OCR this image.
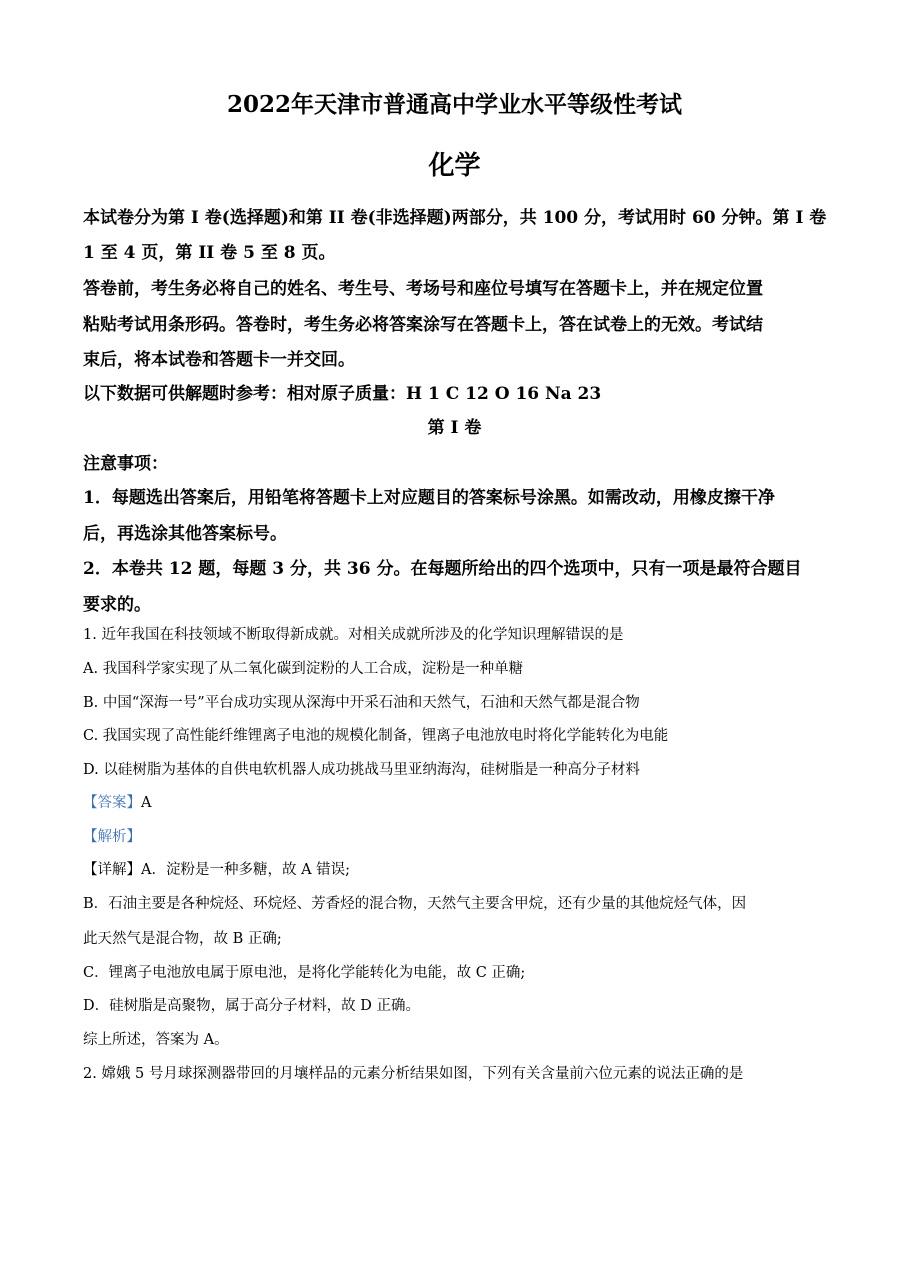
2022年天津市普通高中学业水平等级性考试
化学
本试卷分为第 I 卷(选择题)和第 II 卷(非选择题)两部分，共 100 分，考试用时 60 分钟。第 I 卷
1 至 4 页，第 II 卷 5 至 8 页。
答卷前，考生务必将自己的姓名、考生号、考场号和座位号填写在答题卡上，并在规定位置
粘贴考试用条形码。答卷时，考生务必将答案涂写在答题卡上，答在试卷上的无效。考试结
束后，将本试卷和答题卡一并交回。
以下数据可供解题时参考：相对原子质量：H 1 C 12 O 16 Na 23
第 I 卷
注意事项：
1．每题选出答案后，用铅笔将答题卡上对应题目的答案标号涂黑。如需改动，用橡皮擦干净
后，再选涂其他答案标号。
2．本卷共 12 题，每题 3 分，共 36 分。在每题所给出的四个选项中，只有一项是最符合题目
要求的。
1. 近年我国在科技领域不断取得新成就。对相关成就所涉及的化学知识理解错误的是
A. 我国科学家实现了从二氧化碳到淀粉的人工合成，淀粉是一种单糖
B. 中国“深海一号”平台成功实现从深海中开采石油和天然气，石油和天然气都是混合物
C. 我国实现了高性能纤维锂离子电池的规模化制备，锂离子电池放电时将化学能转化为电能
D. 以硅树脂为基体的自供电软机器人成功挑战马里亚纳海沟，硅树脂是一种高分子材料
【答案】A
【解析】
【详解】A．淀粉是一种多糖，故 A 错误;
B．石油主要是各种烷烃、环烷烃、芳香烃的混合物，天然气主要含甲烷，还有少量的其他烷烃气体，因
此天然气是混合物，故 B 正确;
C．锂离子电池放电属于原电池，是将化学能转化为电能，故 C 正确;
D．硅树脂是高聚物，属于高分子材料，故 D 正确。
综上所述，答案为 A。
2. 嫦娥 5 号月球探测器带回的月壤样品的元素分析结果如图，下列有关含量前六位元素的说法正确的是
